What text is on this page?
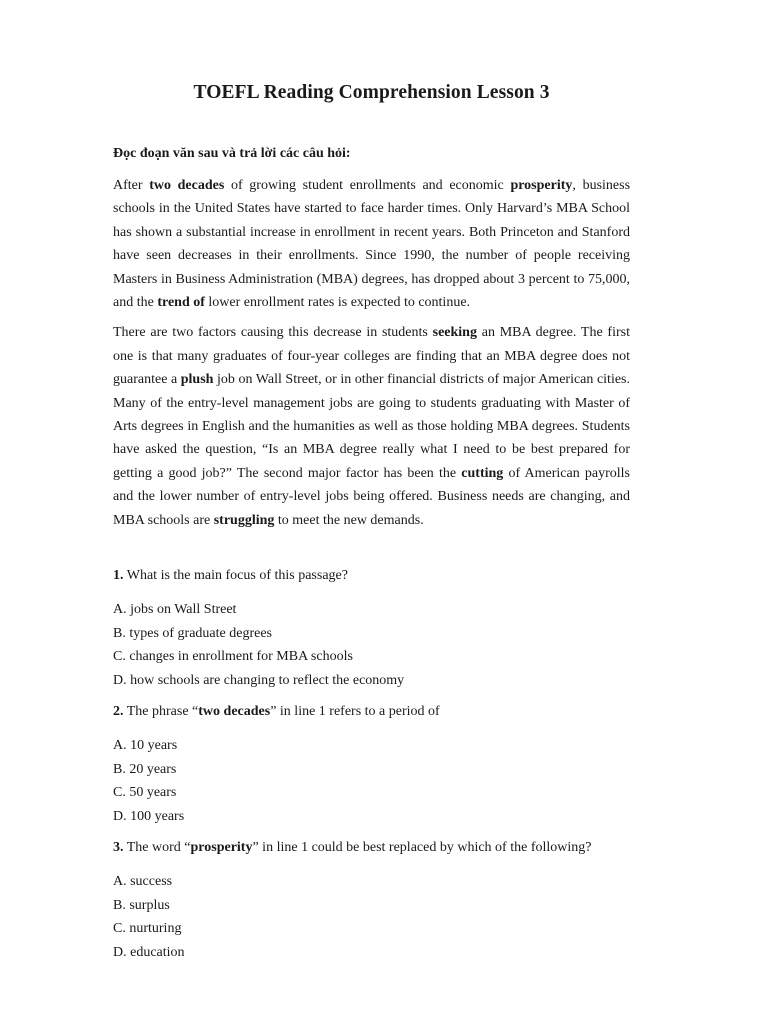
TOEFL Reading Comprehension Lesson 3

Đọc đoạn văn sau và trả lời các câu hỏi:

After two decades of growing student enrollments and economic prosperity, business schools in the United States have started to face harder times. Only Harvard’s MBA School has shown a substantial increase in enrollment in recent years. Both Princeton and Stanford have seen decreases in their enrollments. Since 1990, the number of people receiving Masters in Business Administration (MBA) degrees, has dropped about 3 percent to 75,000, and the trend of lower enrollment rates is expected to continue.

There are two factors causing this decrease in students seeking an MBA degree. The first one is that many graduates of four-year colleges are finding that an MBA degree does not guarantee a plush job on Wall Street, or in other financial districts of major American cities. Many of the entry-level management jobs are going to students graduating with Master of Arts degrees in English and the humanities as well as those holding MBA degrees. Students have asked the question, “Is an MBA degree really what I need to be best prepared for getting a good job?” The second major factor has been the cutting of American payrolls and the lower number of entry-level jobs being offered. Business needs are changing, and MBA schools are struggling to meet the new demands.

1. What is the main focus of this passage?

A. jobs on Wall Street
B. types of graduate degrees
C. changes in enrollment for MBA schools
D. how schools are changing to reflect the economy

2. The phrase “two decades” in line 1 refers to a period of

A. 10 years
B. 20 years
C. 50 years
D. 100 years

3. The word “prosperity” in line 1 could be best replaced by which of the following?

A. success
B. surplus
C. nurturing
D. education
